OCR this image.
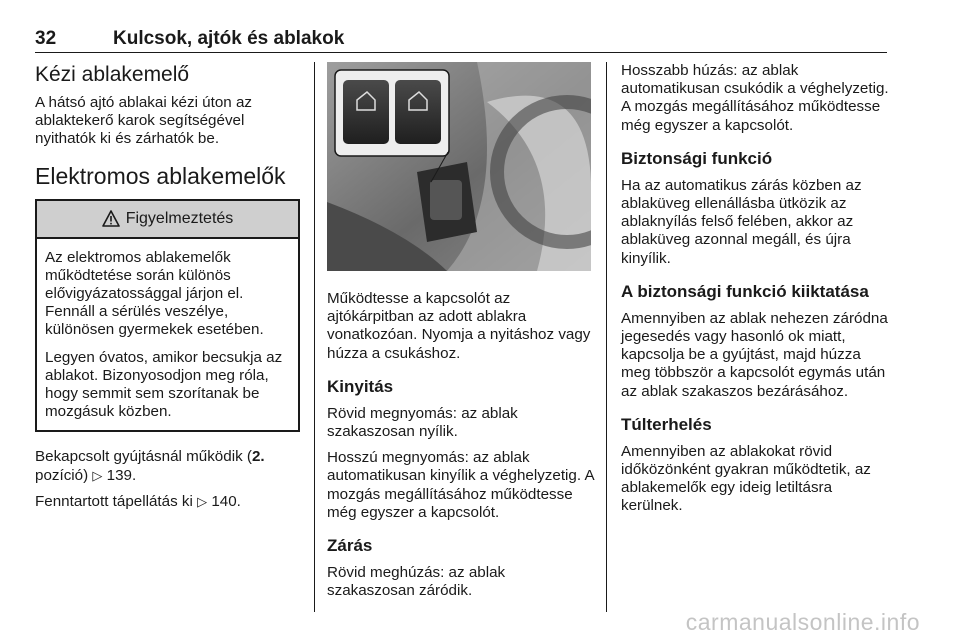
32	Kulcsok, ajtók és ablakok
Kézi ablakemelő

A hátsó ajtó ablakai kézi úton az ablaktekerő karok segítségével nyithatók ki és zárhatók be.

Elektromos ablakemelők
Figyelmeztetés

Az elektromos ablakemelők működtetése során különös elővigyázatossággal járjon el. Fennáll a sérülés veszélye, különösen gyermekek esetében.

Legyen óvatos, amikor becsukja az ablakot. Bizonyosodjon meg róla, hogy semmit sem szorítanak be mozgásuk közben.

Bekapcsolt gyújtásnál működik (2. pozíció) ▷ 139.

Fenntartott tápellátás ki ▷ 140.

Működtesse a kapcsolót az ajtókárpitban az adott ablakra vonatkozóan. Nyomja a nyitáshoz vagy húzza a csukáshoz.

Kinyitás

Rövid megnyomás: az ablak szakaszosan nyílik.

Hosszú megnyomás: az ablak automatikusan kinyílik a véghelyzetig. A mozgás megállításához működtesse még egyszer a kapcsolót.

Zárás

Rövid meghúzás: az ablak szakaszosan záródik.

Hosszabb húzás: az ablak automatikusan csukódik a véghelyzetig. A mozgás megállításához működtesse még egyszer a kapcsolót.

Biztonsági funkció

Ha az automatikus zárás közben az ablaküveg ellenállásba ütközik az ablaknyílás felső felében, akkor az ablaküveg azonnal megáll, és újra kinyílik.

A biztonsági funkció kiiktatása

Amennyiben az ablak nehezen záródna jegesedés vagy hasonló ok miatt, kapcsolja be a gyújtást, majd húzza meg többször a kapcsolót egymás után az ablak szakaszos bezárásához.

Túlterhelés

Amennyiben az ablakokat rövid időközönként gyakran működtetik, az ablakemelők egy ideig letiltásra kerülnek.

carmanualsonline.info
